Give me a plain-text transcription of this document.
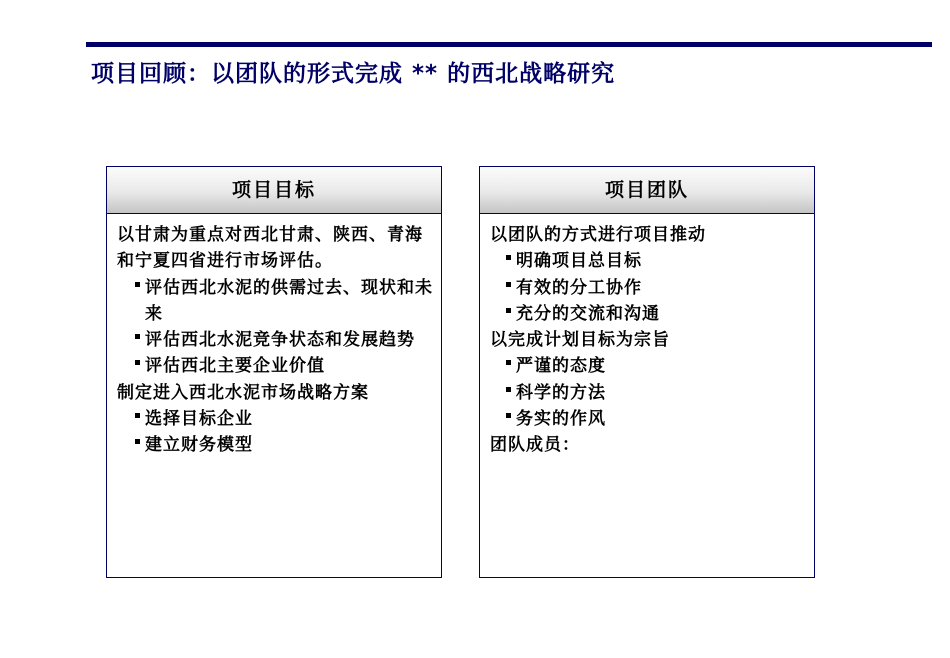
项目回顾：以团队的形式完成 ** 的西北战略研究
项目目标
以甘肃为重点对西北甘肃、陕西、青海和宁夏四省进行市场评估。
评估西北水泥的供需过去、现状和未来
评估西北水泥竞争状态和发展趋势
评估西北主要企业价值
制定进入西北水泥市场战略方案
选择目标企业
建立财务模型
项目团队
以团队的方式进行项目推动
明确项目总目标
有效的分工协作
充分的交流和沟通
以完成计划目标为宗旨
严谨的态度
科学的方法
务实的作风
团队成员：
